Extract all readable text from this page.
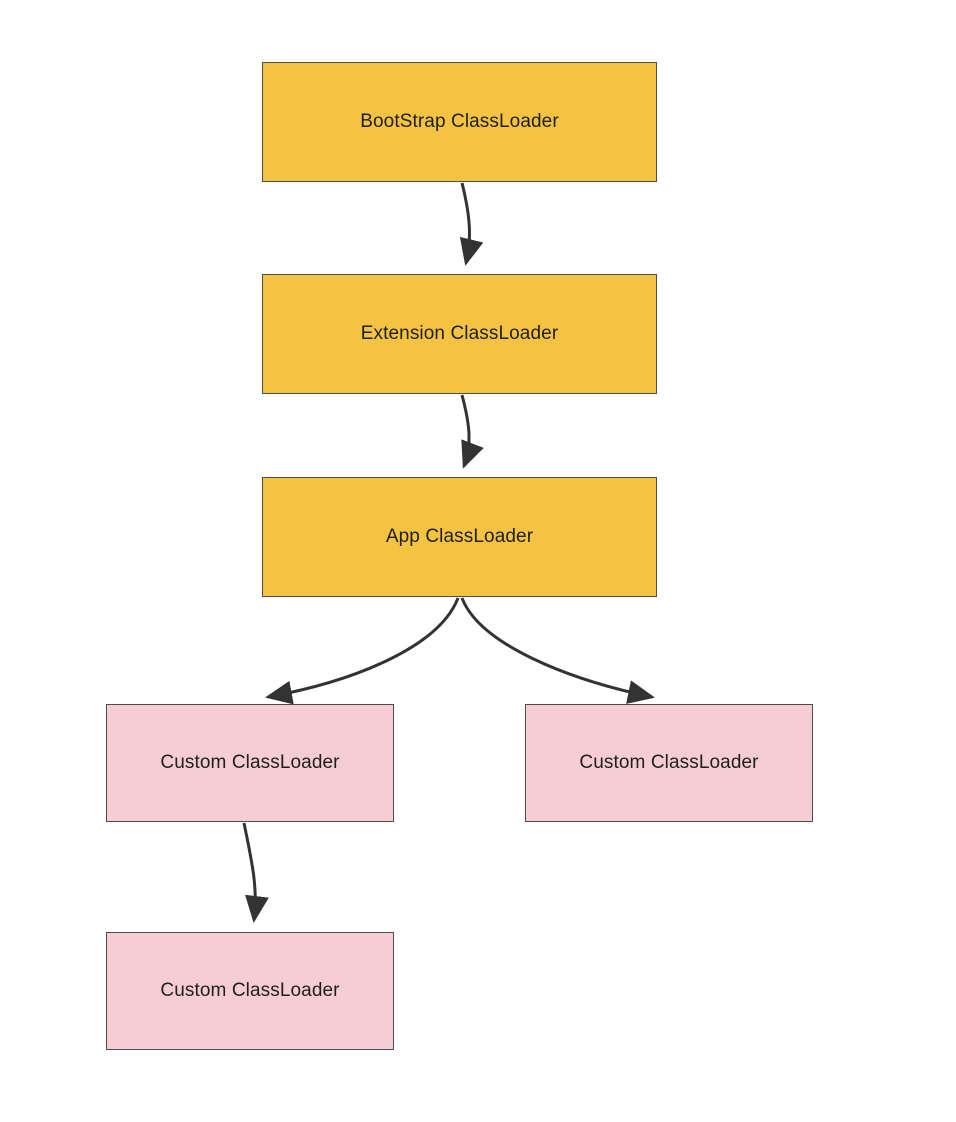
BootStrap ClassLoader
Extension ClassLoader
App ClassLoader
Custom ClassLoader	Custom ClassLoader
Custom ClassLoader
